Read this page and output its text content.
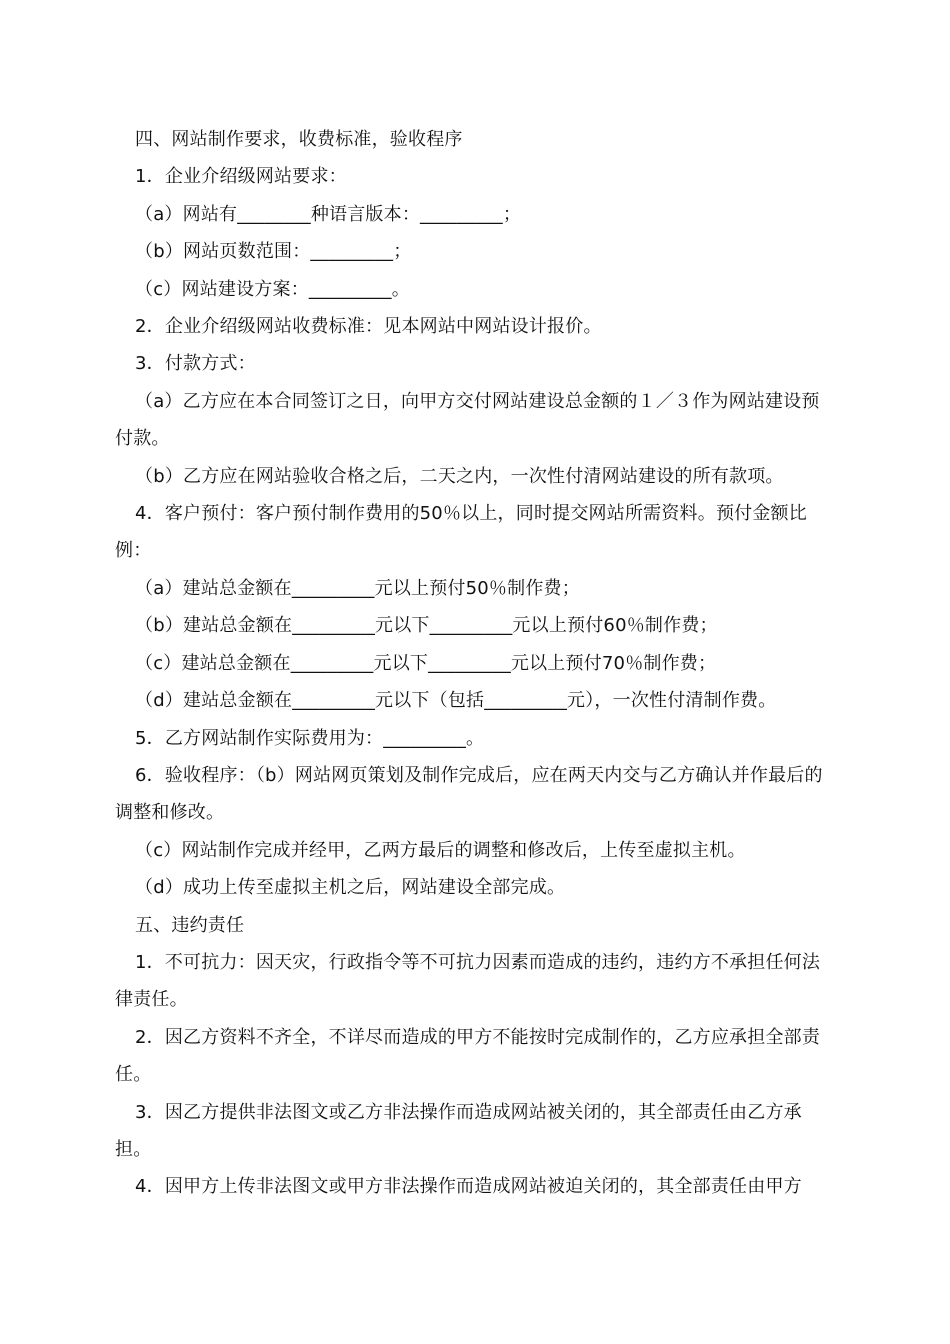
四、网站制作要求，收费标准，验收程序

1．企业介绍级网站要求：

（a）网站有________种语言版本：_________；

（b）网站页数范围：_________；

（c）网站建设方案：_________。

2．企业介绍级网站收费标准：见本网站中网站设计报价。

3．付款方式：

（a）乙方应在本合同签订之日，向甲方交付网站建设总金额的１／３作为网站建设预付款。

（b）乙方应在网站验收合格之后，二天之内，一次性付清网站建设的所有款项。

4．客户预付：客户预付制作费用的50％以上，同时提交网站所需资料。预付金额比例：

（a）建站总金额在_________元以上预付50％制作费；

（b）建站总金额在_________元以下_________元以上预付60％制作费；

（c）建站总金额在_________元以下_________元以上预付70％制作费；

（d）建站总金额在_________元以下（包括_________元），一次性付清制作费。

5．乙方网站制作实际费用为：_________。

6．验收程序：（b）网站网页策划及制作完成后，应在两天内交与乙方确认并作最后的调整和修改。

（c）网站制作完成并经甲，乙两方最后的调整和修改后，上传至虚拟主机。

（d）成功上传至虚拟主机之后，网站建设全部完成。

五、违约责任

1．不可抗力：因天灾，行政指令等不可抗力因素而造成的违约，违约方不承担任何法律责任。

2．因乙方资料不齐全，不详尽而造成的甲方不能按时完成制作的，乙方应承担全部责任。

3．因乙方提供非法图文或乙方非法操作而造成网站被关闭的，其全部责任由乙方承担。

4．因甲方上传非法图文或甲方非法操作而造成网站被迫关闭的，其全部责任由甲方
